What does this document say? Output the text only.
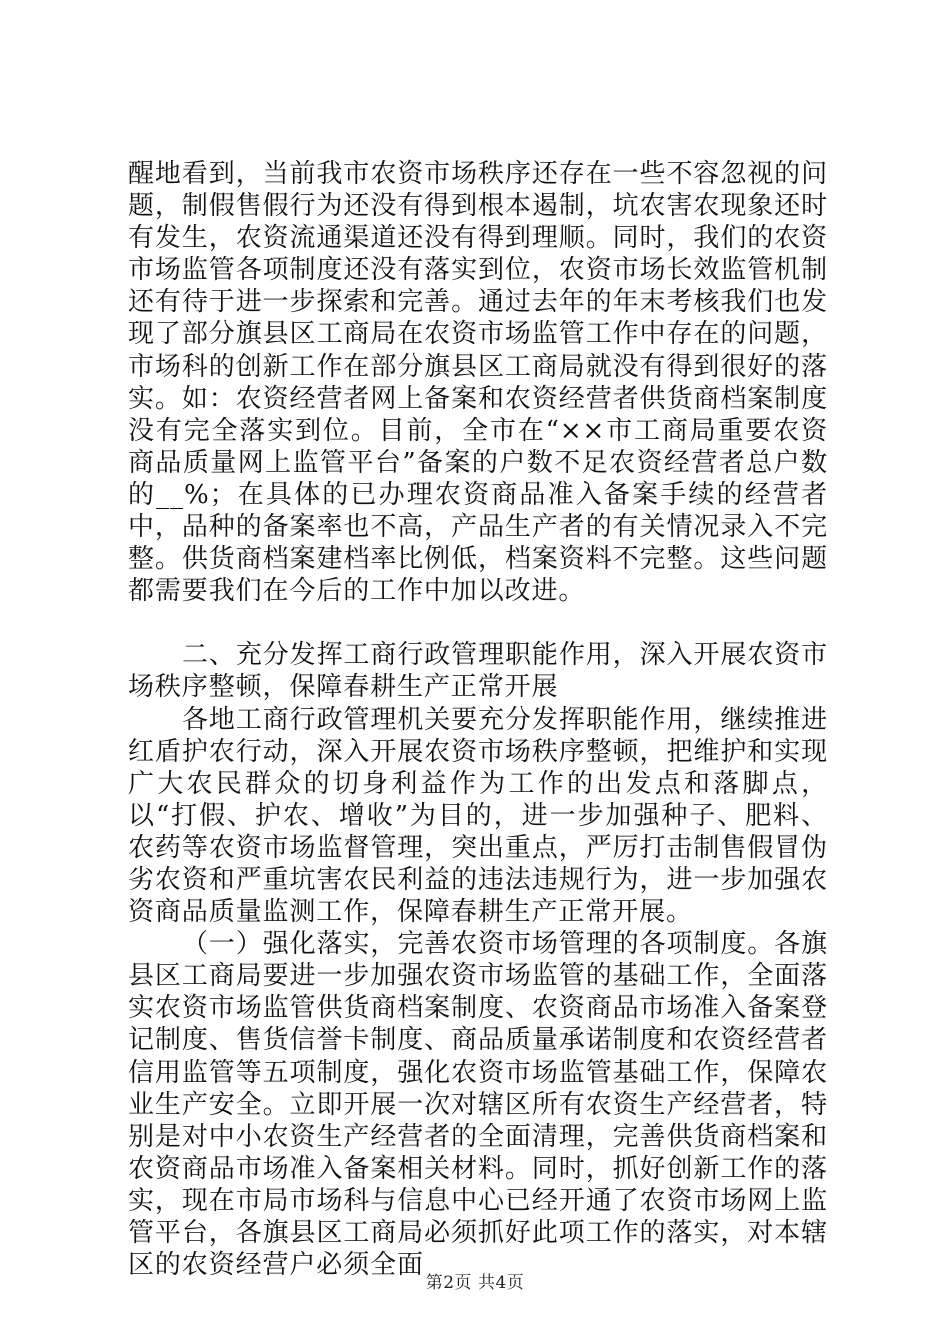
醒地看到，当前我市农资市场秩序还存在一些不容忽视的问题，制假售假行为还没有得到根本遏制，坑农害农现象还时有发生，农资流通渠道还没有得到理顺。同时，我们的农资市场监管各项制度还没有落实到位，农资市场长效监管机制还有待于进一步探索和完善。通过去年的年末考核我们也发现了部分旗县区工商局在农资市场监管工作中存在的问题，市场科的创新工作在部分旗县区工商局就没有得到很好的落实。如：农资经营者网上备案和农资经营者供货商档案制度没有完全落实到位。目前，全市在“××市工商局重要农资商品质量网上监管平台”备案的户数不足农资经营者总户数的__%；在具体的已办理农资商品准入备案手续的经营者中，品种的备案率也不高，产品生产者的有关情况录入不完整。供货商档案建档率比例低，档案资料不完整。这些问题都需要我们在今后的工作中加以改进。

二、充分发挥工商行政管理职能作用，深入开展农资市场秩序整顿，保障春耕生产正常开展

各地工商行政管理机关要充分发挥职能作用，继续推进红盾护农行动，深入开展农资市场秩序整顿，把维护和实现广大农民群众的切身利益作为工作的出发点和落脚点，以“打假、护农、增收”为目的，进一步加强种子、肥料、农药等农资市场监督管理，突出重点，严厉打击制售假冒伪劣农资和严重坑害农民利益的违法违规行为，进一步加强农资商品质量监测工作，保障春耕生产正常开展。

（一）强化落实，完善农资市场管理的各项制度。各旗县区工商局要进一步加强农资市场监管的基础工作，全面落实农资市场监管供货商档案制度、农资商品市场准入备案登记制度、售货信誉卡制度、商品质量承诺制度和农资经营者信用监管等五项制度，强化农资市场监管基础工作，保障农业生产安全。立即开展一次对辖区所有农资生产经营者，特别是对中小农资生产经营者的全面清理，完善供货商档案和农资商品市场准入备案相关材料。同时，抓好创新工作的落实，现在市局市场科与信息中心已经开通了农资市场网上监管平台，各旗县区工商局必须抓好此项工作的落实，对本辖区的农资经营户必须全面

第2页 共4页
